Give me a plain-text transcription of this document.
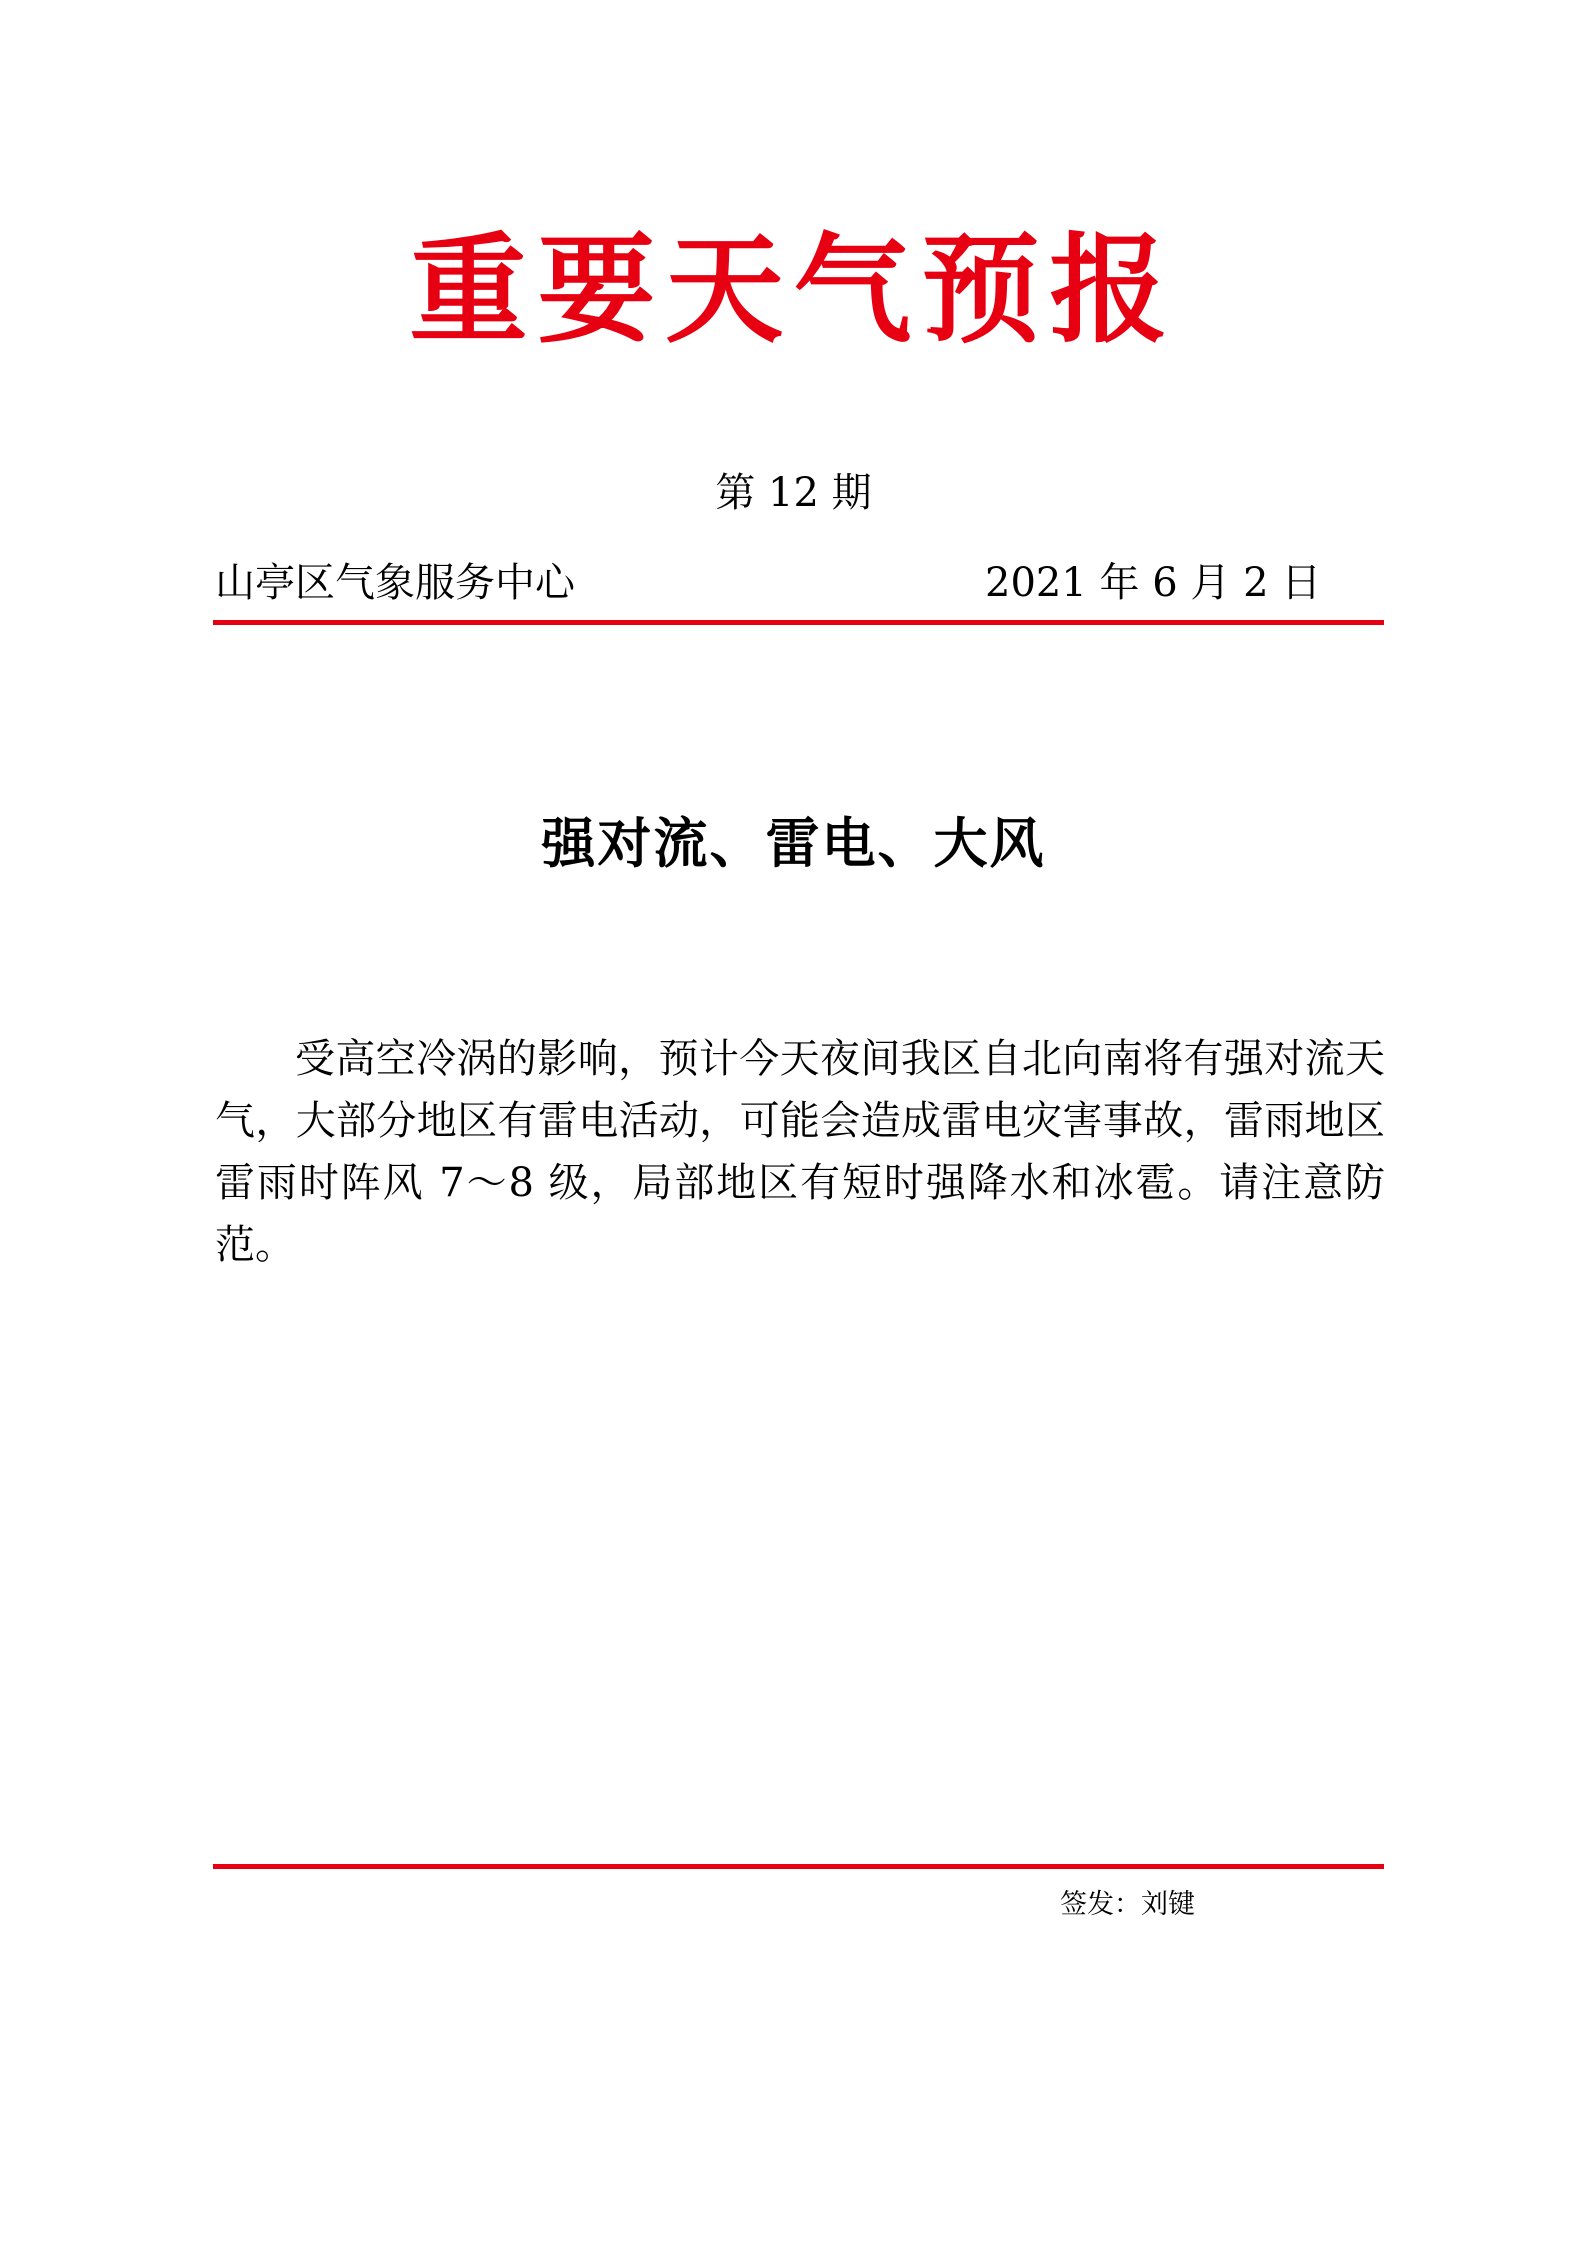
重要天气预报
第 12 期
山亭区气象服务中心	2021 年 6 月 2 日
强对流、雷电、大风

受高空冷涡的影响，预计今天夜间我区自北向南将有强对流天气，大部分地区有雷电活动，可能会造成雷电灾害事故，雷雨地区雷雨时阵风 7～8 级，局部地区有短时强降水和冰雹。请注意防范。

签发：刘键
